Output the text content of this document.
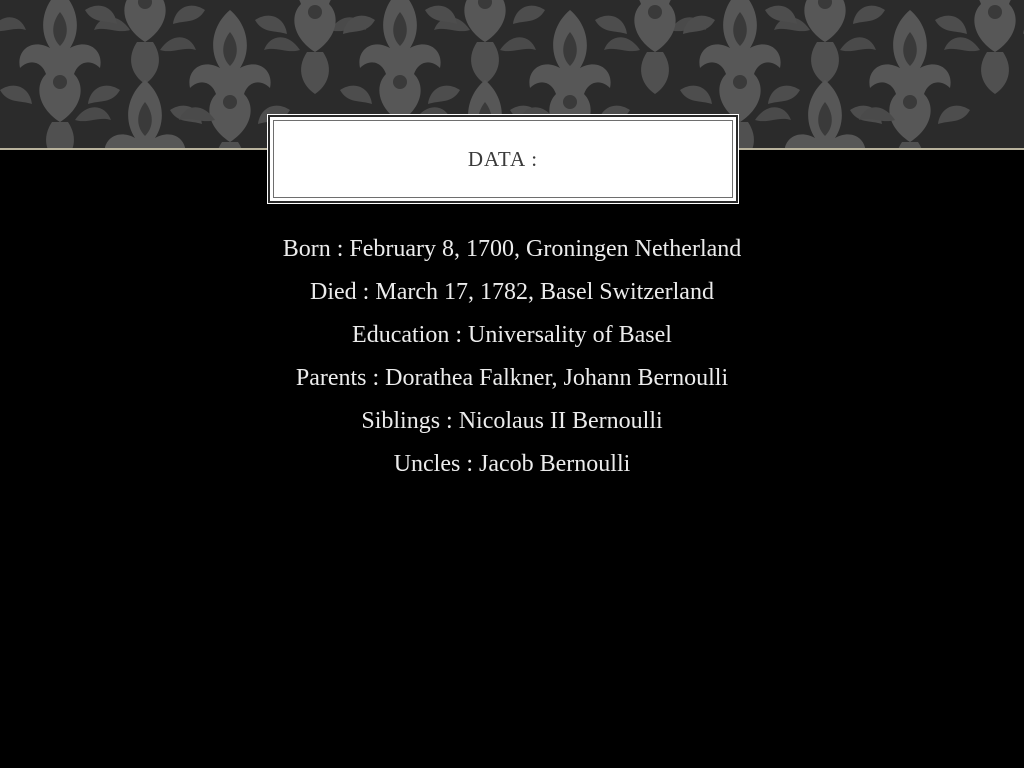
DATA :
Born : February 8, 1700, Groningen Netherland
Died : March 17, 1782, Basel Switzerland
Education : Universality of Basel
Parents : Dorathea Falkner, Johann Bernoulli
Siblings : Nicolaus II Bernoulli
Uncles : Jacob Bernoulli
